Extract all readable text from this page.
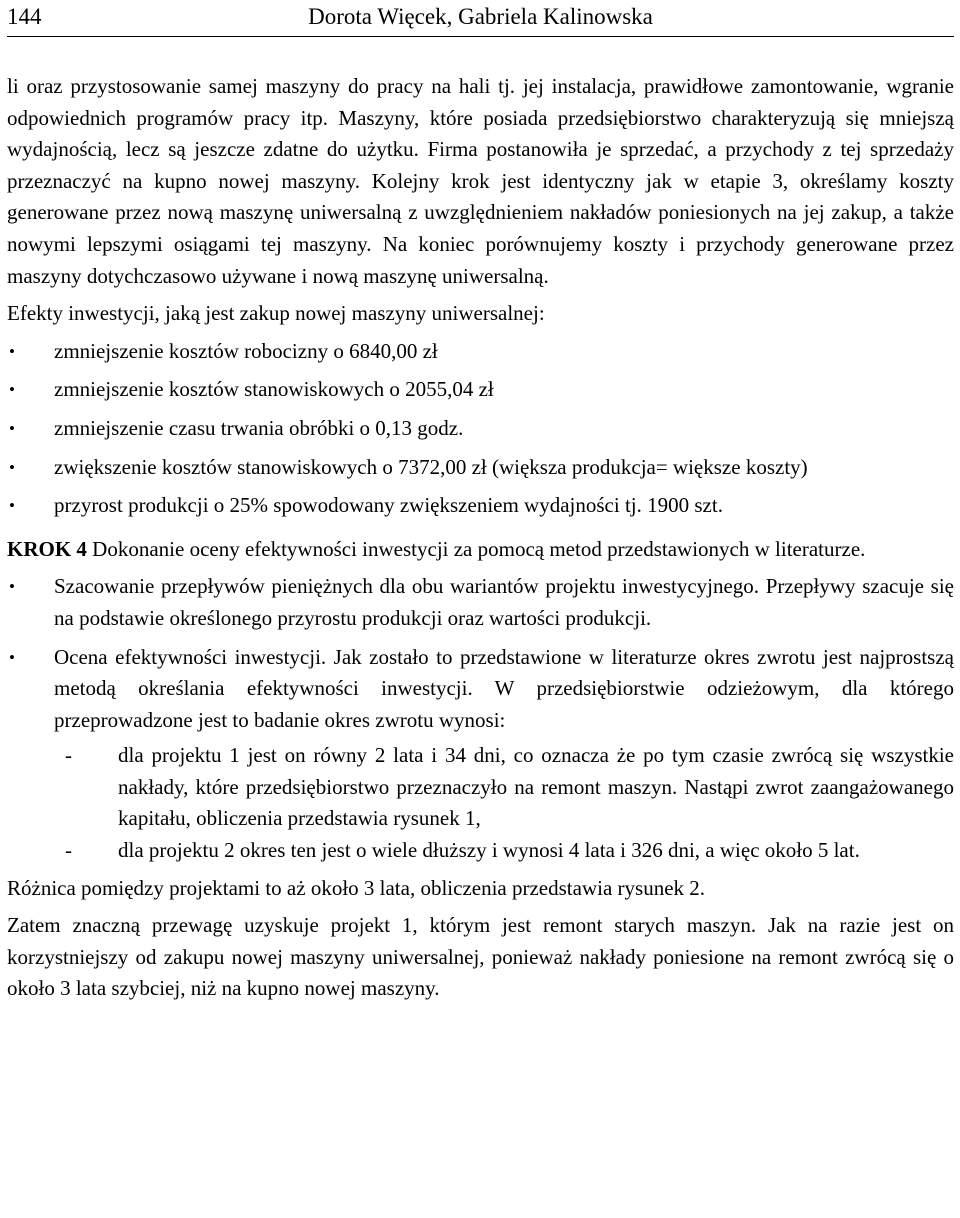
144	Dorota Więcek, Gabriela Kalinowska

li oraz przystosowanie samej maszyny do pracy na hali tj. jej instalacja, prawidłowe zamontowanie, wgranie odpowiednich programów pracy itp. Maszyny, które posiada przedsiębiorstwo charakteryzują się mniejszą wydajnością, lecz są jeszcze zdatne do użytku. Firma postanowiła je sprzedać, a przychody z tej sprzedaży przeznaczyć na kupno nowej maszyny. Kolejny krok jest identyczny jak w etapie 3, określamy koszty generowane przez nową maszynę uniwersalną z uwzględnieniem nakładów poniesionych na jej zakup, a także nowymi lepszymi osiągami tej maszyny. Na koniec porównujemy koszty i przychody generowane przez maszyny dotychczasowo używane i nową maszynę uniwersalną.

Efekty inwestycji, jaką jest zakup nowej maszyny uniwersalnej:

• zmniejszenie kosztów robocizny o 6840,00 zł
• zmniejszenie kosztów stanowiskowych o 2055,04 zł
• zmniejszenie czasu trwania obróbki o 0,13 godz.
• zwiększenie kosztów stanowiskowych o 7372,00 zł (większa produkcja= większe koszty)
• przyrost produkcji o 25% spowodowany zwiększeniem wydajności tj. 1900 szt.

KROK 4 Dokonanie oceny efektywności inwestycji za pomocą metod przedstawionych w literaturze.

• Szacowanie przepływów pieniężnych dla obu wariantów projektu inwestycyjnego. Przepływy szacuje się na podstawie określonego przyrostu produkcji oraz wartości produkcji.
• Ocena efektywności inwestycji. Jak zostało to przedstawione w literaturze okres zwrotu jest najprostszą metodą określania efektywności inwestycji. W przedsiębiorstwie odzieżowym, dla którego przeprowadzone jest to badanie okres zwrotu wynosi:
- dla projektu 1 jest on równy 2 lata i 34 dni, co oznacza że po tym czasie zwrócą się wszystkie nakłady, które przedsiębiorstwo przeznaczyło na remont maszyn. Nastąpi zwrot zaangażowanego kapitału, obliczenia przedstawia rysunek 1,
- dla projektu 2 okres ten jest o wiele dłuższy i wynosi 4 lata i 326 dni, a więc około 5 lat.

Różnica pomiędzy projektami to aż około 3 lata, obliczenia przedstawia rysunek 2.

Zatem znaczną przewagę uzyskuje projekt 1, którym jest remont starych maszyn. Jak na razie jest on korzystniejszy od zakupu nowej maszyny uniwersalnej, ponieważ nakłady poniesione na remont zwrócą się o około 3 lata szybciej, niż na kupno nowej maszyny.
